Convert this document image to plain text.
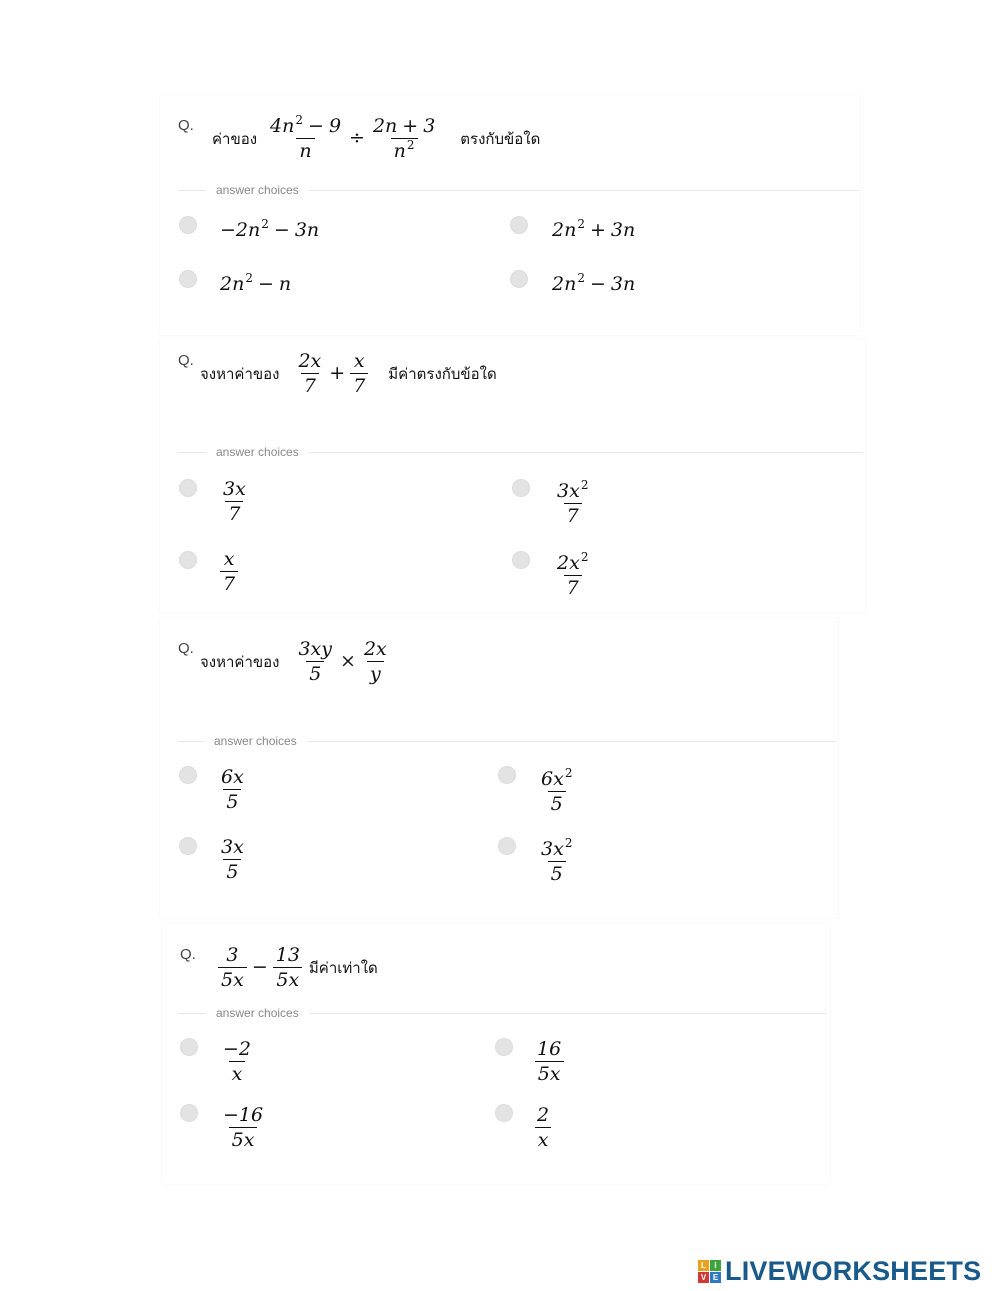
Q.
ค่าของ $\frac{4n^2 - 9}{n} \div \frac{2n + 3}{n^2}$ ตรงกับข้อใด
answer choices
$-2n^2 - 3n$	$2n^2 + 3n$
$2n^2 - n$	$2n^2 - 3n$
Q.
จงหาค่าของ $\frac{2x}{7} + \frac{x}{7}$ มีค่าตรงกับข้อใด
answer choices
$\frac{3x}{7}$	$\frac{3x^2}{7}$
$\frac{x}{7}$	$\frac{2x^2}{7}$
Q.
จงหาค่าของ $\frac{3xy}{5} \times \frac{2x}{y}$
answer choices
$\frac{6x}{5}$	$\frac{6x^2}{5}$
$\frac{3x}{5}$	$\frac{3x^2}{5}$
Q. $\frac{3}{5x} - \frac{13}{5x}$ มีค่าเท่าใด
answer choices
$\frac{-2}{x}$	$\frac{16}{5x}$
$\frac{-16}{5x}$	$\frac{2}{x}$
L	I
V E LIVEWORKSHEETS
